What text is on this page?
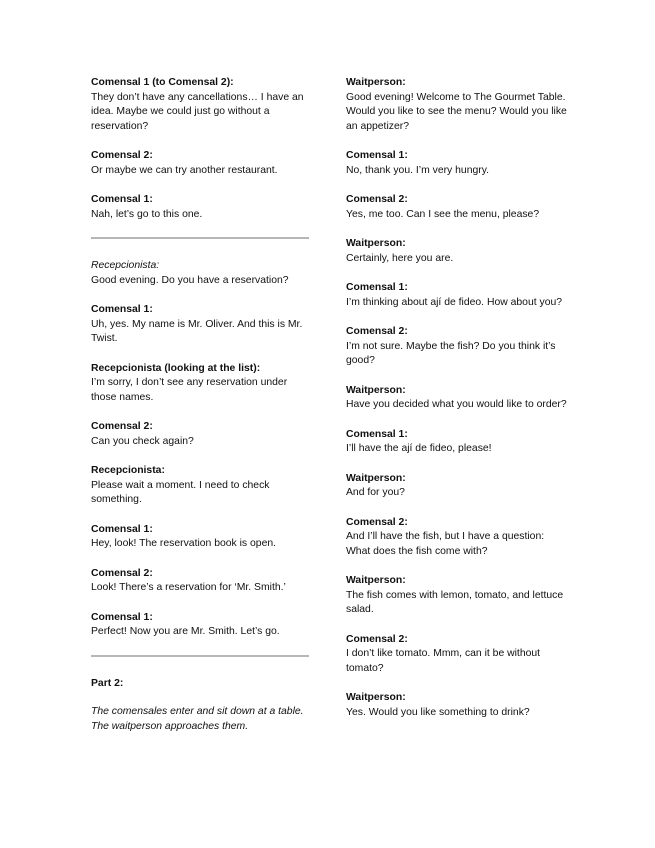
Comensal 1 (to Comensal 2):
They don’t have any cancellations… I have an idea. Maybe we could just go without a reservation?
Comensal 2:
Or maybe we can try another restaurant.
Comensal 1:
Nah, let’s go to this one.
Recepcionista:
Good evening. Do you have a reservation?
Comensal 1:
Uh, yes. My name is Mr. Oliver. And this is Mr. Twist.
Recepcionista (looking at the list):
I’m sorry, I don’t see any reservation under those names.
Comensal 2:
Can you check again?
Recepcionista:
Please wait a moment. I need to check something.
Comensal 1:
Hey, look! The reservation book is open.
Comensal 2:
Look! There’s a reservation for ‘Mr. Smith.’
Comensal 1:
Perfect! Now you are Mr. Smith. Let’s go.
Part 2:
The comensales enter and sit down at a table.
The waitperson approaches them.
Waitperson:
Good evening! Welcome to The Gourmet Table. Would you like to see the menu? Would you like an appetizer?
Comensal 1:
No, thank you. I’m very hungry.
Comensal 2:
Yes, me too. Can I see the menu, please?
Waitperson:
Certainly, here you are.
Comensal 1:
I’m thinking about ají de fideo. How about you?
Comensal 2:
I’m not sure. Maybe the fish? Do you think it’s good?
Waitperson:
Have you decided what you would like to order?
Comensal 1:
I’ll have the ají de fideo, please!
Waitperson:
And for you?
Comensal 2:
And I’ll have the fish, but I have a question: What does the fish come with?
Waitperson:
The fish comes with lemon, tomato, and lettuce salad.
Comensal 2:
I don’t like tomato. Mmm, can it be without tomato?
Waitperson:
Yes. Would you like something to drink?
